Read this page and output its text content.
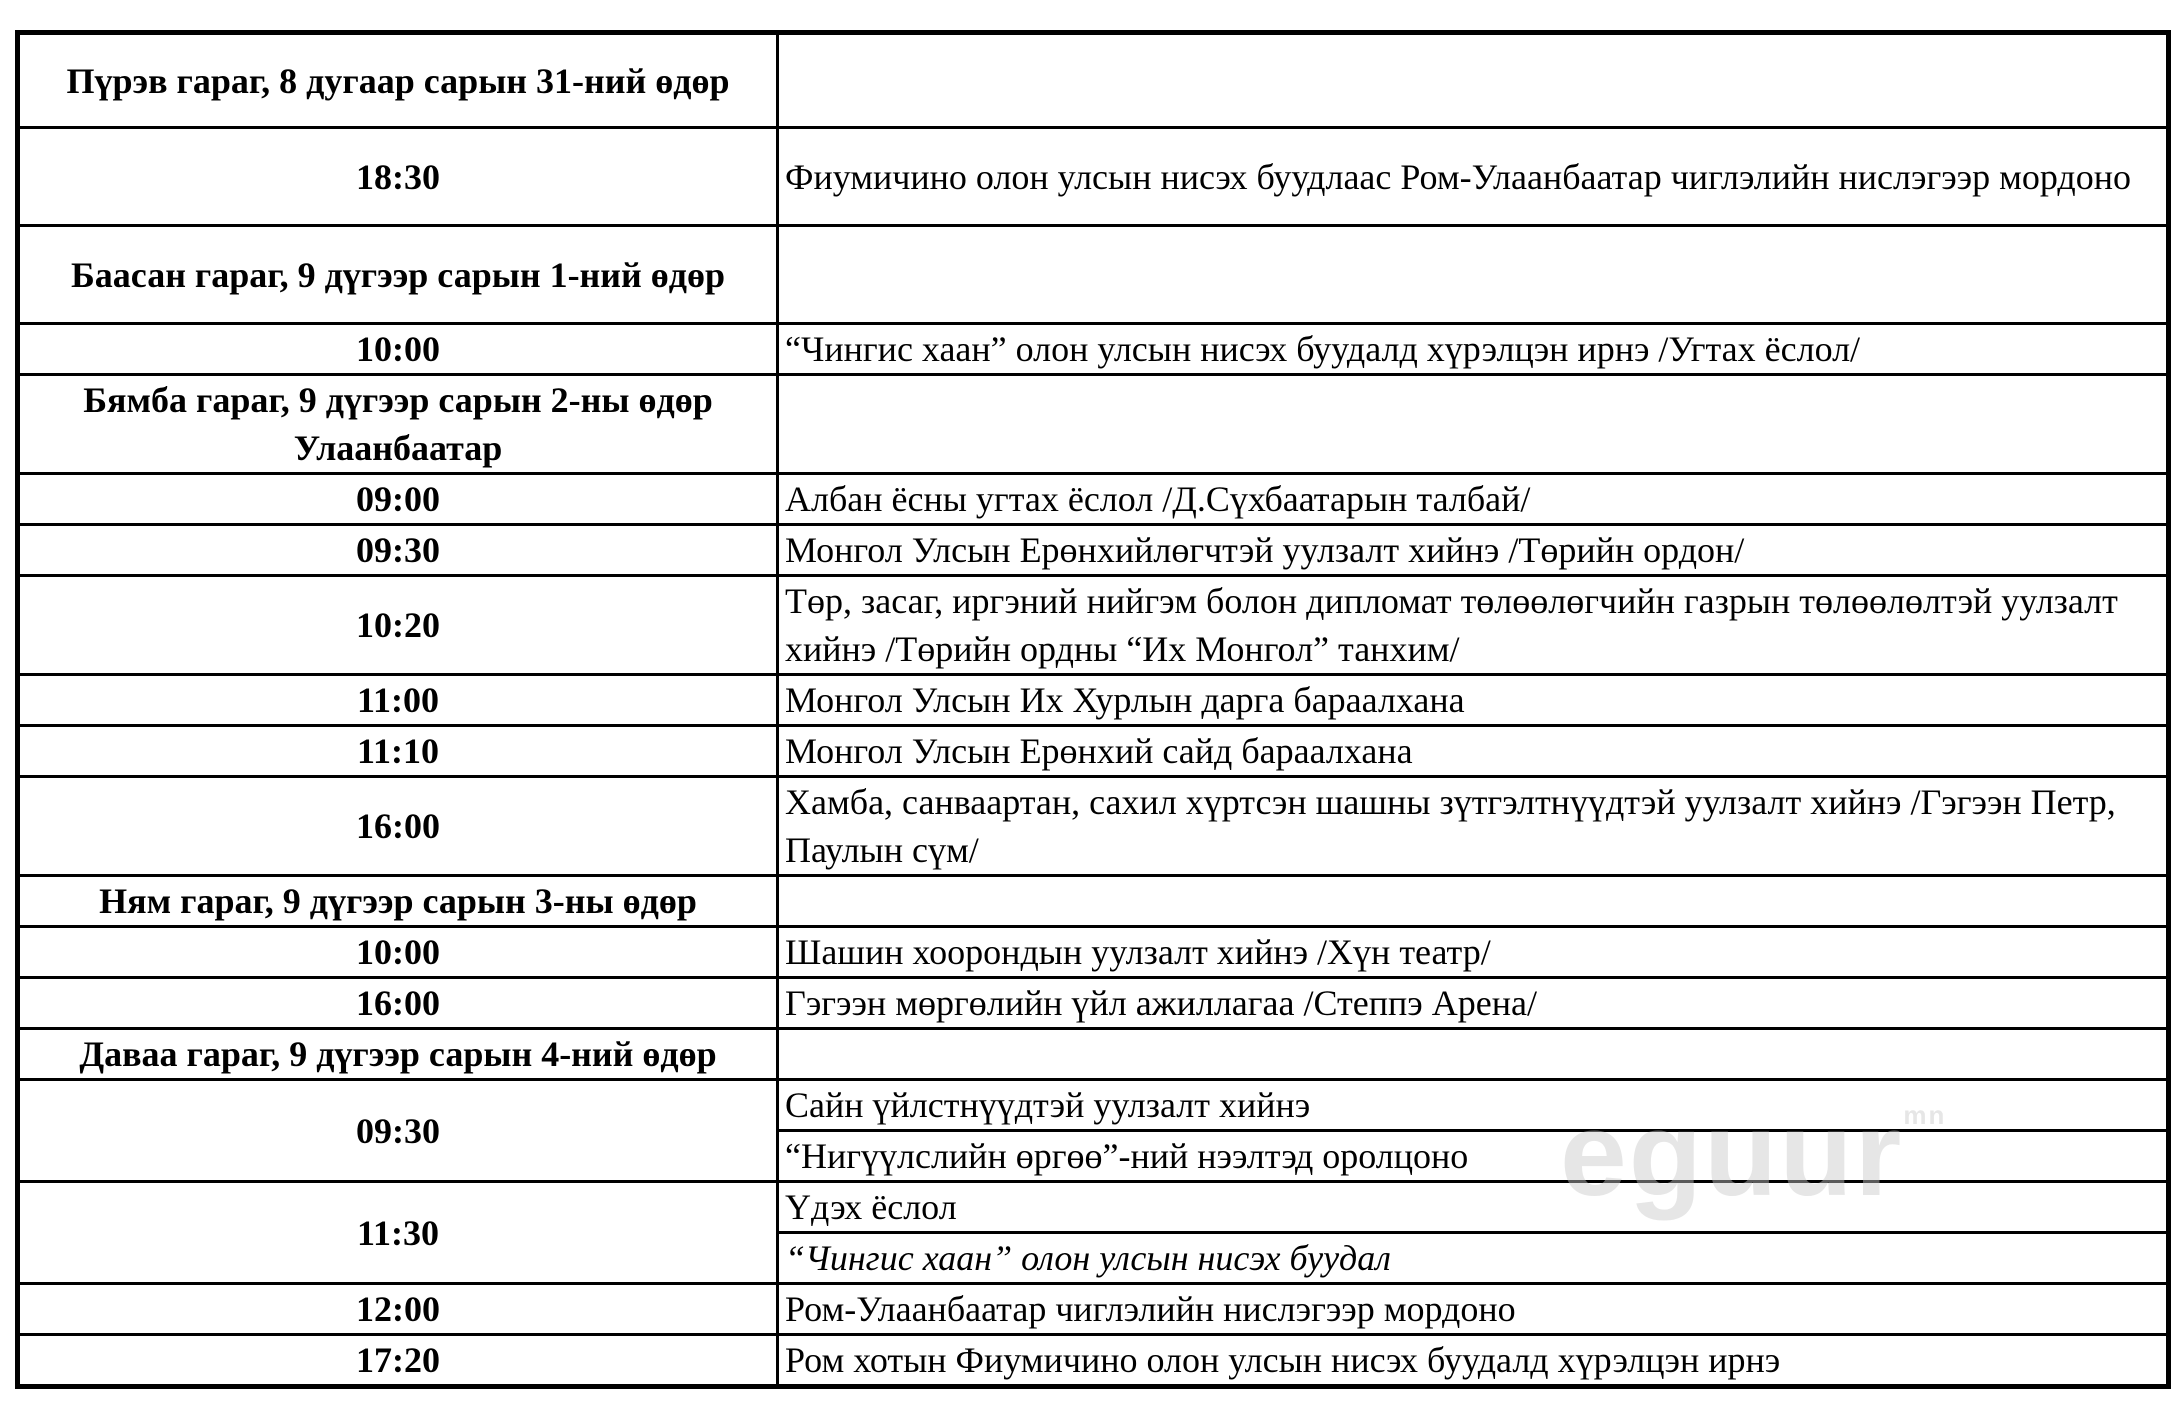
Пүрэв гараг, 8 дугаар сарын 31-ний өдөр	
18:30	Фиумичино олон улсын нисэх буудлаас Ром-Улаанбаатар чиглэлийн нислэгээр мордоно
Баасан гараг, 9 дүгээр сарын 1-ний өдөр	
10:00	“Чингис хаан” олон улсын нисэх буудалд хүрэлцэн ирнэ /Угтах ёслол/
Бямба гараг, 9 дүгээр сарын 2-ны өдөр Улаанбаатар	
09:00	Албан ёсны угтах ёслол /Д.Сүхбаатарын талбай/
09:30	Монгол Улсын Ерөнхийлөгчтэй уулзалт хийнэ /Төрийн ордон/
10:20	Төр, засаг, иргэний нийгэм болон дипломат төлөөлөгчийн газрын төлөөлөлтэй уулзалт хийнэ /Төрийн ордны “Их Монгол” танхим/
11:00	Монгол Улсын Их Хурлын дарга бараалхана
11:10	Монгол Улсын Ерөнхий сайд бараалхана
16:00	Хамба, санваартан, сахил хүртсэн шашны зүтгэлтнүүдтэй уулзалт хийнэ /Гэгээн Петр, Паулын сүм/
Ням гараг, 9 дүгээр сарын 3-ны өдөр	
10:00	Шашин хоорондын уулзалт хийнэ /Хүн театр/
16:00	Гэгээн мөргөлийн үйл ажиллагаа /Степпэ Арена/
Даваа гараг, 9 дүгээр сарын 4-ний өдөр	
09:30	Сайн үйлстнүүдтэй уулзалт хийнэ
	“Нигүүлслийн өргөө”-ний нээлтэд оролцоно
11:30	Үдэх ёслол
	“Чингис хаан” олон улсын нисэх буудал
12:00	Ром-Улаанбаатар чиглэлийн нислэгээр мордоно
17:20	Ром хотын Фиумичино олон улсын нисэх буудалд хүрэлцэн ирнэ
eguur$^{mn}$
